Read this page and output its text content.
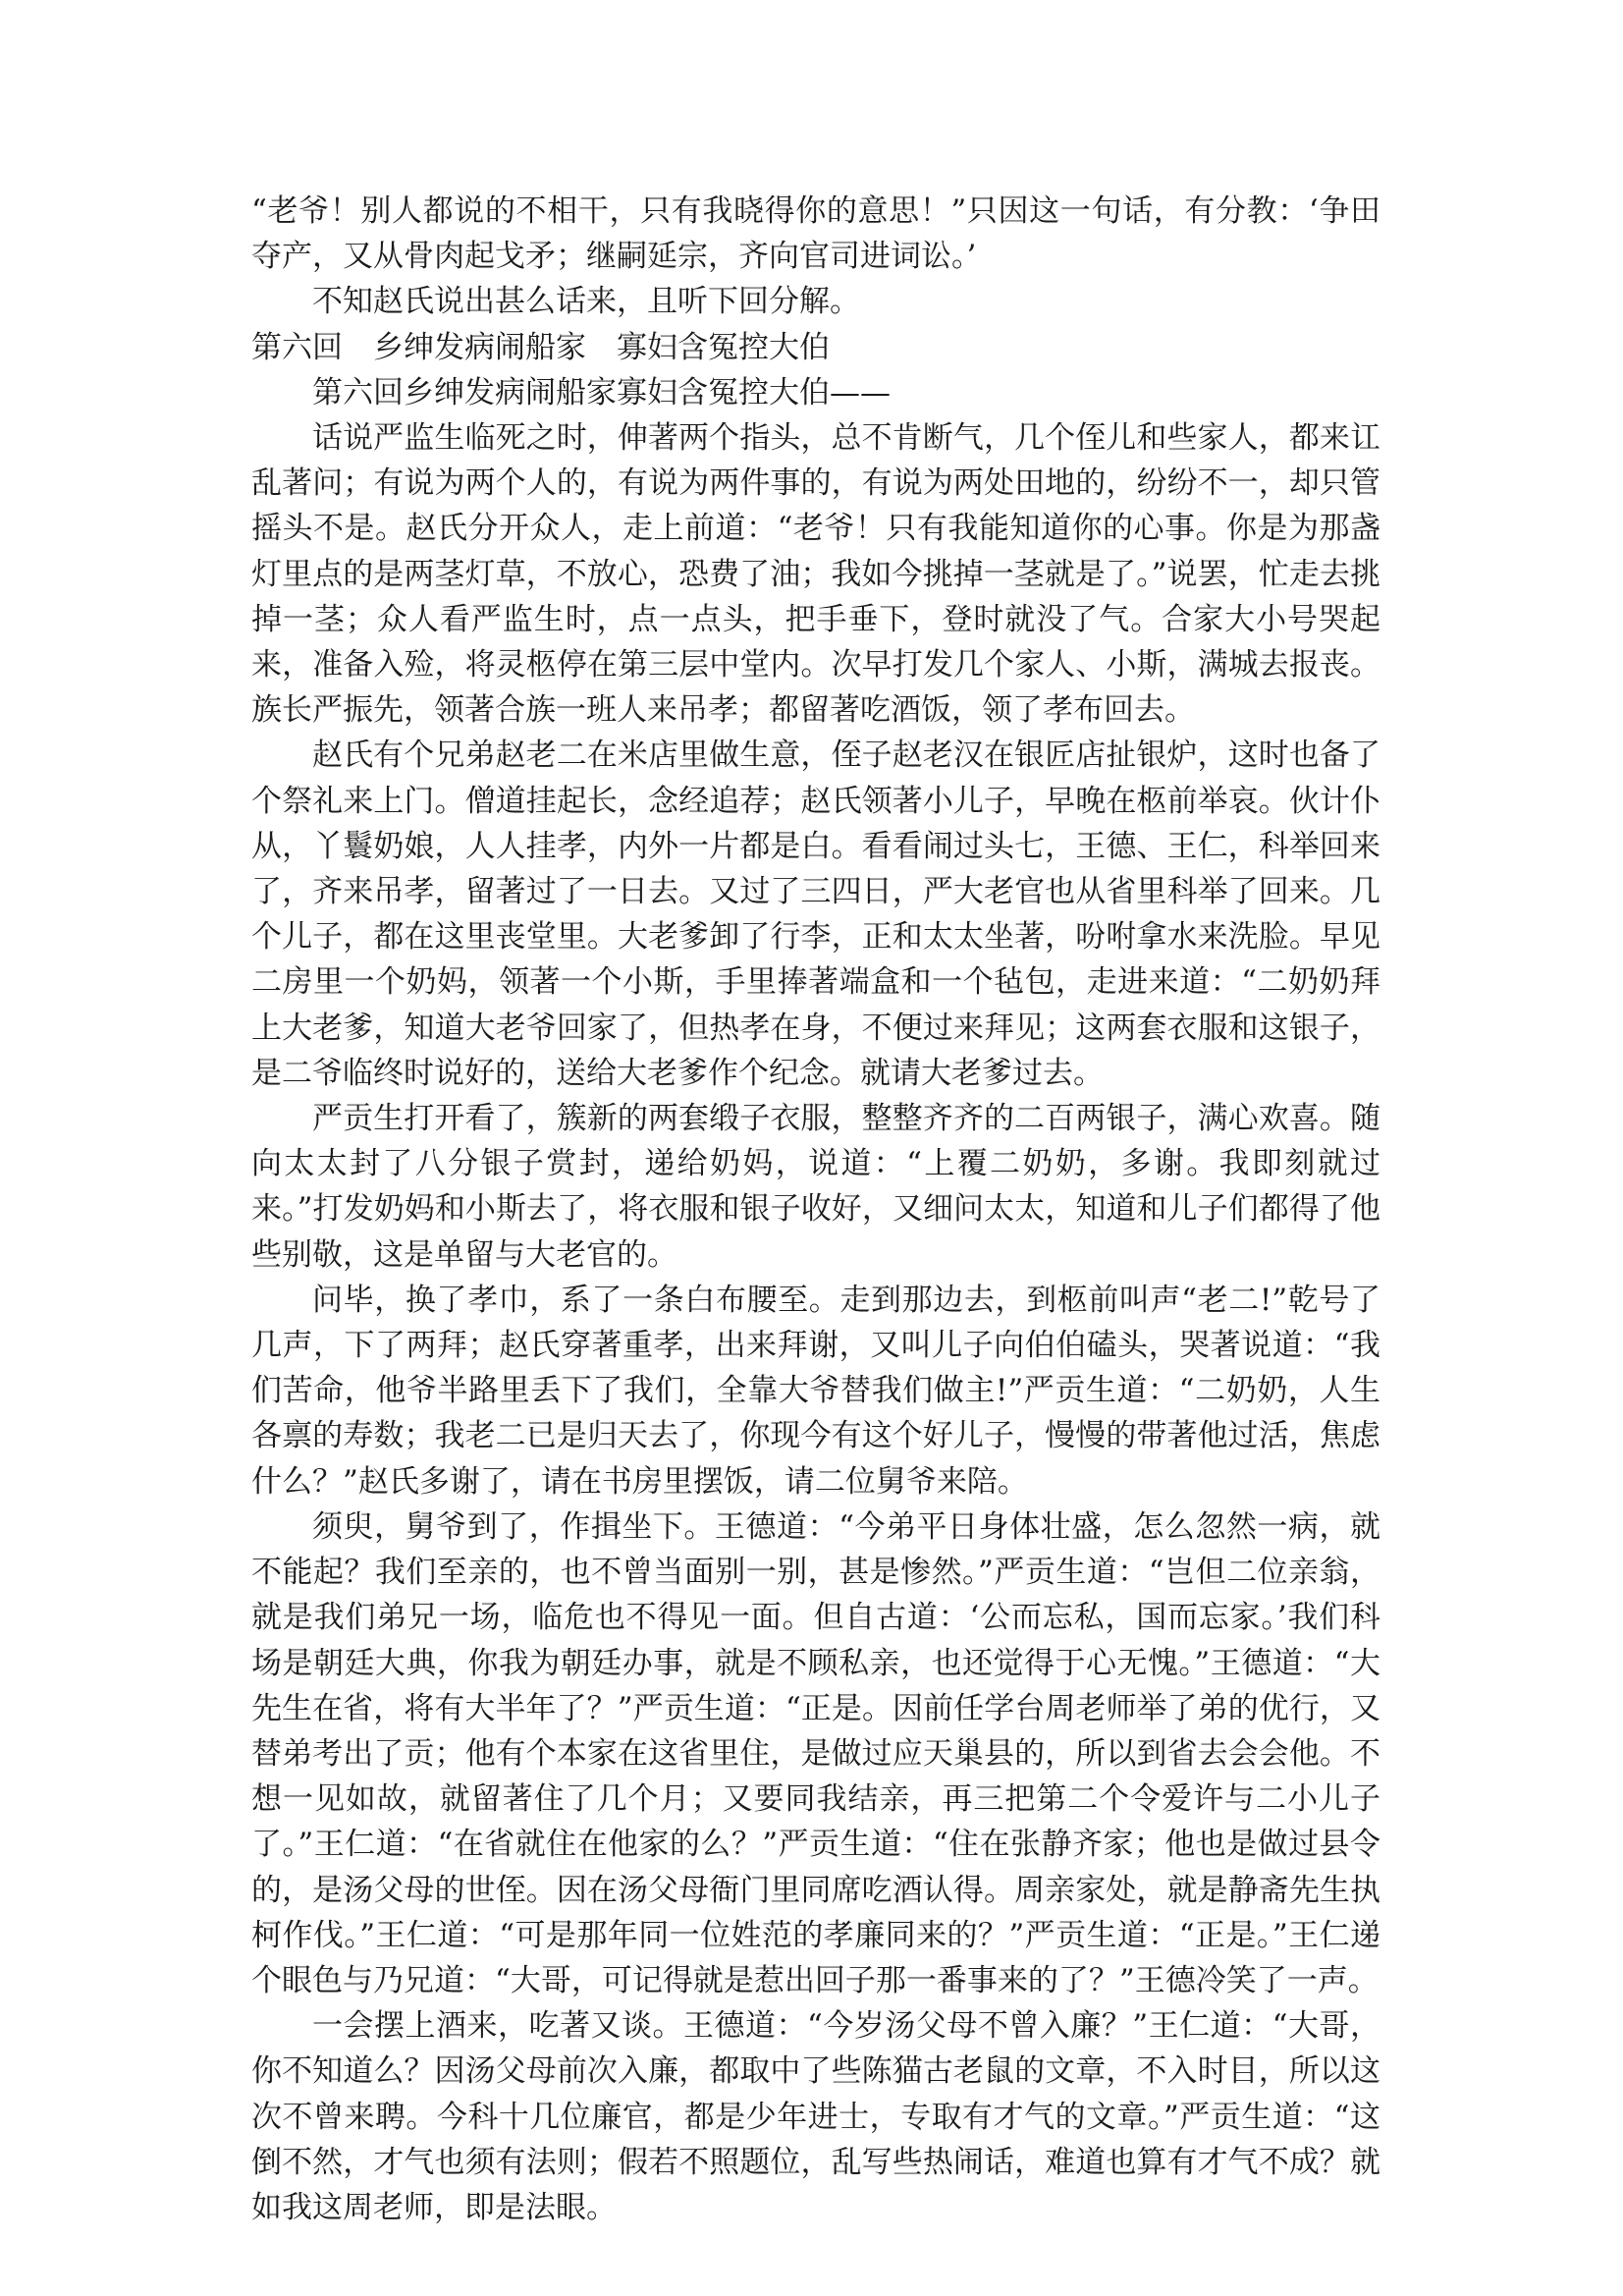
“老爷！别人都说的不相干，只有我晓得你的意思！”只因这一句话，有分教：‘争田夺产，又从骨肉起戈矛；继嗣延宗，齐向官司进词讼。’

不知赵氏说出甚么话来，且听下回分解。

第六回　乡绅发病闹船家　寡妇含冤控大伯

第六回乡绅发病闹船家寡妇含冤控大伯——

话说严监生临死之时，伸著两个指头，总不肯断气，几个侄儿和些家人，都来讧乱著问；有说为两个人的，有说为两件事的，有说为两处田地的，纷纷不一，却只管摇头不是。赵氏分开众人，走上前道：“老爷！只有我能知道你的心事。你是为那盏灯里点的是两茎灯草，不放心，恐费了油；我如今挑掉一茎就是了。”说罢，忙走去挑掉一茎；众人看严监生时，点一点头，把手垂下，登时就没了气。合家大小号哭起来，准备入殓，将灵柩停在第三层中堂内。次早打发几个家人、小斯，满城去报丧。族长严振先，领著合族一班人来吊孝；都留著吃酒饭，领了孝布回去。

赵氏有个兄弟赵老二在米店里做生意，侄子赵老汉在银匠店扯银炉，这时也备了个祭礼来上门。僧道挂起长，念经追荐；赵氏领著小儿子，早晚在柩前举哀。伙计仆从，丫鬟奶娘，人人挂孝，内外一片都是白。看看闹过头七，王德、王仁，科举回来了，齐来吊孝，留著过了一日去。又过了三四日，严大老官也从省里科举了回来。几个儿子，都在这里丧堂里。大老爹卸了行李，正和太太坐著，吩咐拿水来洗脸。早见二房里一个奶妈，领著一个小斯，手里捧著端盒和一个毡包，走进来道：“二奶奶拜上大老爹，知道大老爷回家了，但热孝在身，不便过来拜见；这两套衣服和这银子，是二爷临终时说好的，送给大老爹作个纪念。就请大老爹过去。

严贡生打开看了，簇新的两套缎子衣服，整整齐齐的二百两银子，满心欢喜。随向太太封了八分银子赏封，递给奶妈，说道：“上覆二奶奶，多谢。我即刻就过来。”打发奶妈和小斯去了，将衣服和银子收好，又细问太太，知道和儿子们都得了他些别敬，这是单留与大老官的。

问毕，换了孝巾，系了一条白布腰至。走到那边去，到柩前叫声“老二!”乾号了几声，下了两拜；赵氏穿著重孝，出来拜谢，又叫儿子向伯伯磕头，哭著说道：“我们苦命，他爷半路里丢下了我们，全靠大爷替我们做主!”严贡生道：“二奶奶，人生各禀的寿数；我老二已是归天去了，你现今有这个好儿子，慢慢的带著他过活，焦虑什么？”赵氏多谢了，请在书房里摆饭，请二位舅爷来陪。

须臾，舅爷到了，作揖坐下。王德道：“今弟平日身体壮盛，怎么忽然一病，就不能起？我们至亲的，也不曾当面别一别，甚是惨然。”严贡生道：“岂但二位亲翁，就是我们弟兄一场，临危也不得见一面。但自古道：‘公而忘私，国而忘家。’我们科场是朝廷大典，你我为朝廷办事，就是不顾私亲，也还觉得于心无愧。”王德道：“大先生在省，将有大半年了？”严贡生道：“正是。因前任学台周老师举了弟的优行，又替弟考出了贡；他有个本家在这省里住，是做过应天巢县的，所以到省去会会他。不想一见如故，就留著住了几个月；又要同我结亲，再三把第二个令爱许与二小儿子了。”王仁道：“在省就住在他家的么？”严贡生道：“住在张静齐家；他也是做过县令的，是汤父母的世侄。因在汤父母衙门里同席吃酒认得。周亲家处，就是静斋先生执柯作伐。”王仁道：“可是那年同一位姓范的孝廉同来的？”严贡生道：“正是。”王仁递个眼色与乃兄道：“大哥，可记得就是惹出回子那一番事来的了？”王德冷笑了一声。

一会摆上酒来，吃著又谈。王德道：“今岁汤父母不曾入廉？”王仁道：“大哥，你不知道么？因汤父母前次入廉，都取中了些陈猫古老鼠的文章，不入时目，所以这次不曾来聘。今科十几位廉官，都是少年进士，专取有才气的文章。”严贡生道：“这倒不然，才气也须有法则；假若不照题位，乱写些热闹话，难道也算有才气不成？就如我这周老师，即是法眼。
